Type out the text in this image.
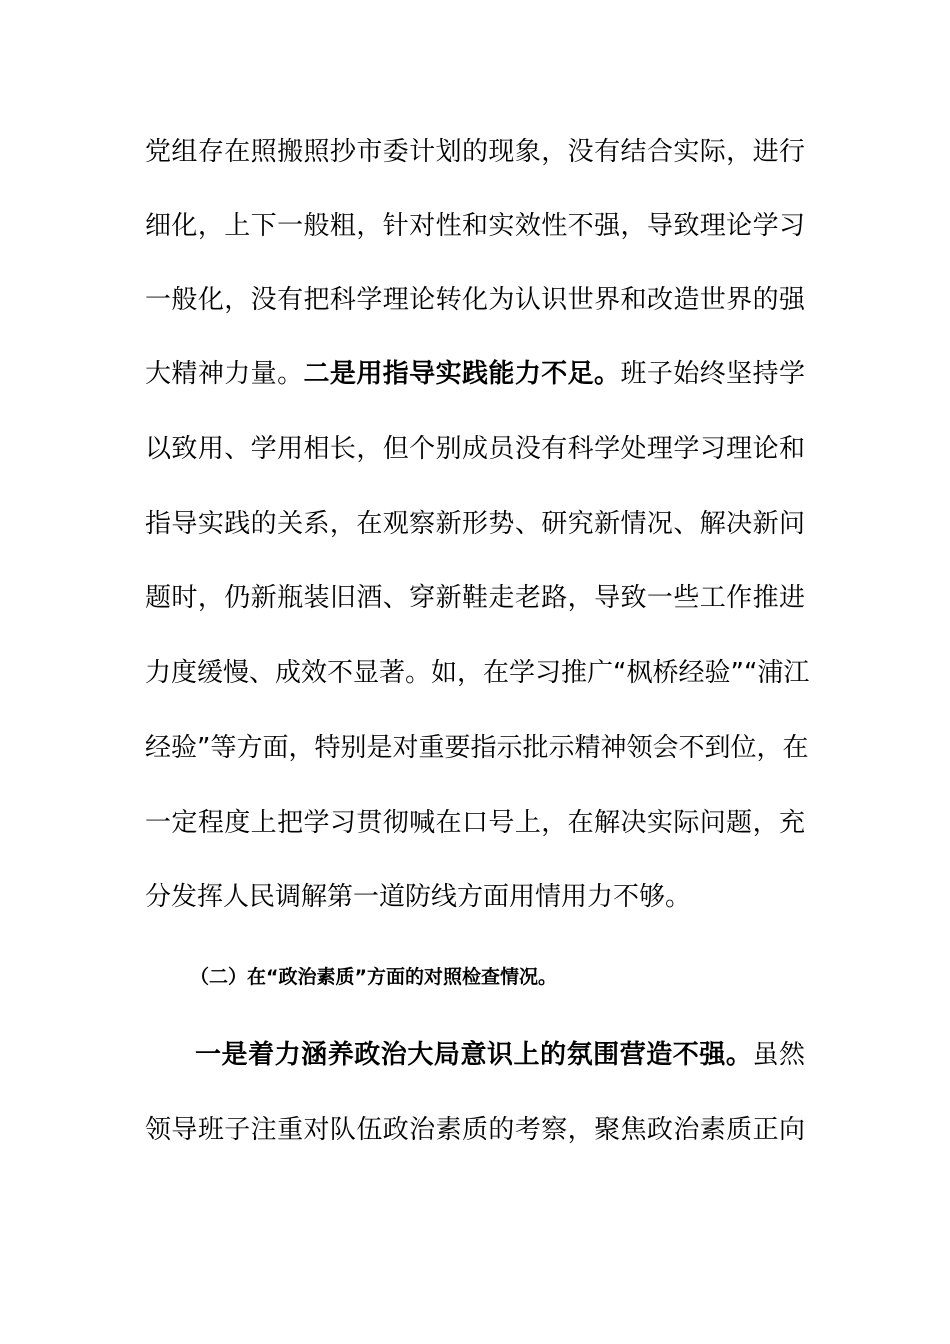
党组存在照搬照抄市委计划的现象，没有结合实际，进行
细化，上下一般粗，针对性和实效性不强，导致理论学习
一般化，没有把科学理论转化为认识世界和改造世界的强
大精神力量。二是用指导实践能力不足。班子始终坚持学
以致用、学用相长，但个别成员没有科学处理学习理论和
指导实践的关系，在观察新形势、研究新情况、解决新问
题时，仍新瓶装旧酒、穿新鞋走老路，导致一些工作推进
力度缓慢、成效不显著。如，在学习推广“枫桥经验”“浦江
经验”等方面，特别是对重要指示批示精神领会不到位，在
一定程度上把学习贯彻喊在口号上，在解决实际问题，充
分发挥人民调解第一道防线方面用情用力不够。
（二）在“政治素质”方面的对照检查情况。
一是着力涵养政治大局意识上的氛围营造不强。虽然
领导班子注重对队伍政治素质的考察，聚焦政治素质正向
